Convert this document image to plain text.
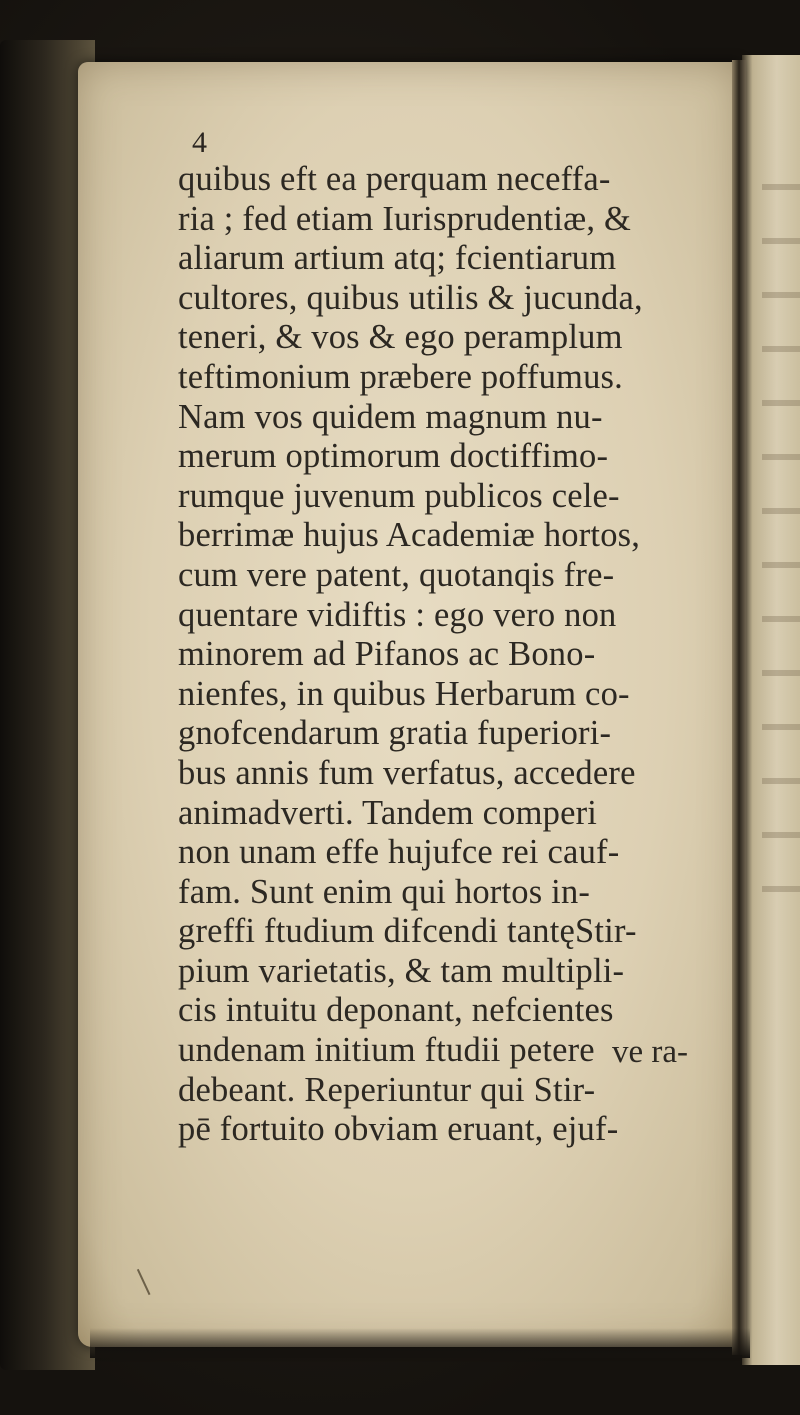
4
quibus eft ea perquam neceffa-
ria ; fed etiam Iurisprudentiæ, &
aliarum artium atq; fcientiarum
cultores, quibus utilis & jucunda,
teneri, & vos & ego peramplum
teftimonium præbere poffumus.
Nam vos quidem magnum nu-
merum optimorum doctiffimo-
rumque juvenum publicos cele-
berrimæ hujus Academiæ hortos,
cum vere patent, quotanqis fre-
quentare vidiftis : ego vero non
minorem ad Pifanos ac Bono-
nienfes, in quibus Herbarum co-
gnofcendarum gratia fuperiori-
bus annis fum verfatus, accedere
animadverti. Tandem comperi
non unam effe hujufce rei cauf-
fam. Sunt enim qui hortos in-
greffi ftudium difcendi tantęStir-
pium varietatis, & tam multipli-
cis intuitu deponant, nefcientes
undenam initium ftudii petere
debeant. Reperiuntur qui Stir-
pē fortuito obviam eruant, ejuf-
ve ra-
